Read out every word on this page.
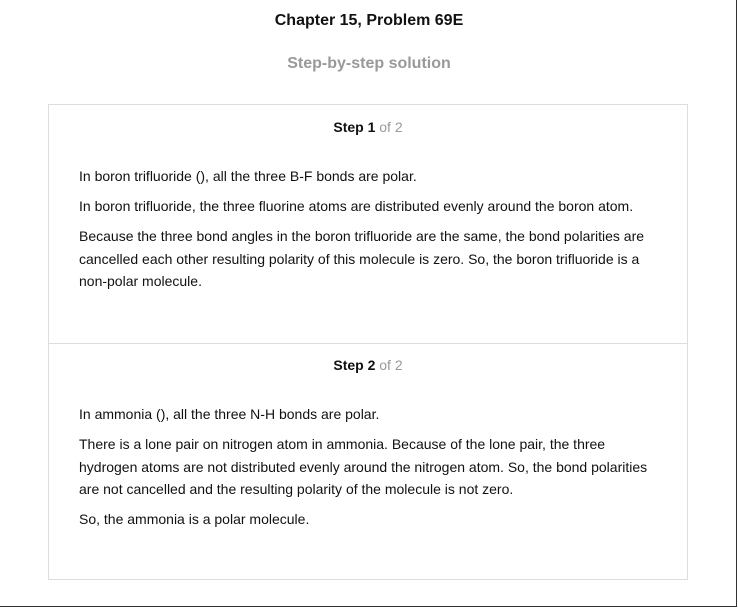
Chapter 15, Problem 69E
Step-by-step solution
Step 1 of 2

In boron trifluoride (), all the three B-F bonds are polar.

In boron trifluoride, the three fluorine atoms are distributed evenly around the boron atom.

Because the three bond angles in the boron trifluoride are the same, the bond polarities are cancelled each other resulting polarity of this molecule is zero. So, the boron trifluoride is a non-polar molecule.

Step 2 of 2

In ammonia (), all the three N-H bonds are polar.

There is a lone pair on nitrogen atom in ammonia. Because of the lone pair, the three hydrogen atoms are not distributed evenly around the nitrogen atom. So, the bond polarities are not cancelled and the resulting polarity of the molecule is not zero.

So, the ammonia is a polar molecule.
